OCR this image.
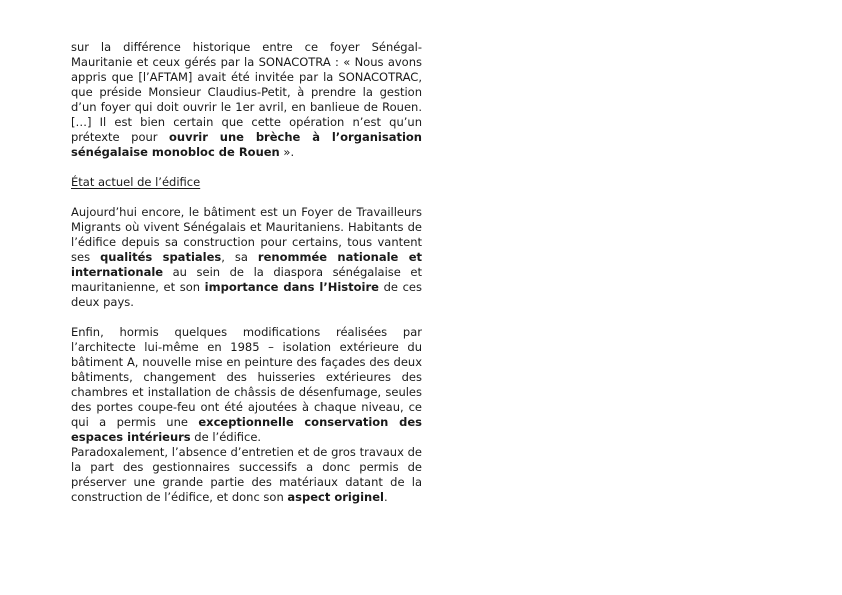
sur la différence historique entre ce foyer Sénégal-Mauritanie et ceux gérés par la SONACOTRA : « Nous avons appris que [l’AFTAM] avait été invitée par la SONACOTRAC, que préside Monsieur Claudius-Petit, à prendre la gestion d’un foyer qui doit ouvrir le 1er avril, en banlieue de Rouen. […] Il est bien certain que cette opération n’est qu’un prétexte pour ouvrir une brèche à l’organisation sénégalaise monobloc de Rouen ».

État actuel de l’édifice

Aujourd’hui encore, le bâtiment est un Foyer de Travailleurs Migrants où vivent Sénégalais et Mauritaniens. Habitants de l’édifice depuis sa construction pour certains, tous vantent ses qualités spatiales, sa renommée nationale et internationale au sein de la diaspora sénégalaise et mauritanienne, et son importance dans l’Histoire de ces deux pays.

Enfin, hormis quelques modifications réalisées par l’architecte lui-même en 1985 – isolation extérieure du bâtiment A, nouvelle mise en peinture des façades des deux bâtiments, changement des huisseries extérieures des chambres et installation de châssis de désenfumage, seules des portes coupe-feu ont été ajoutées à chaque niveau, ce qui a permis une exceptionnelle conservation des espaces intérieurs de l’édifice.

Paradoxalement, l’absence d’entretien et de gros travaux de la part des gestionnaires successifs a donc permis de préserver une grande partie des matériaux datant de la construction de l’édifice, et donc son aspect originel.
